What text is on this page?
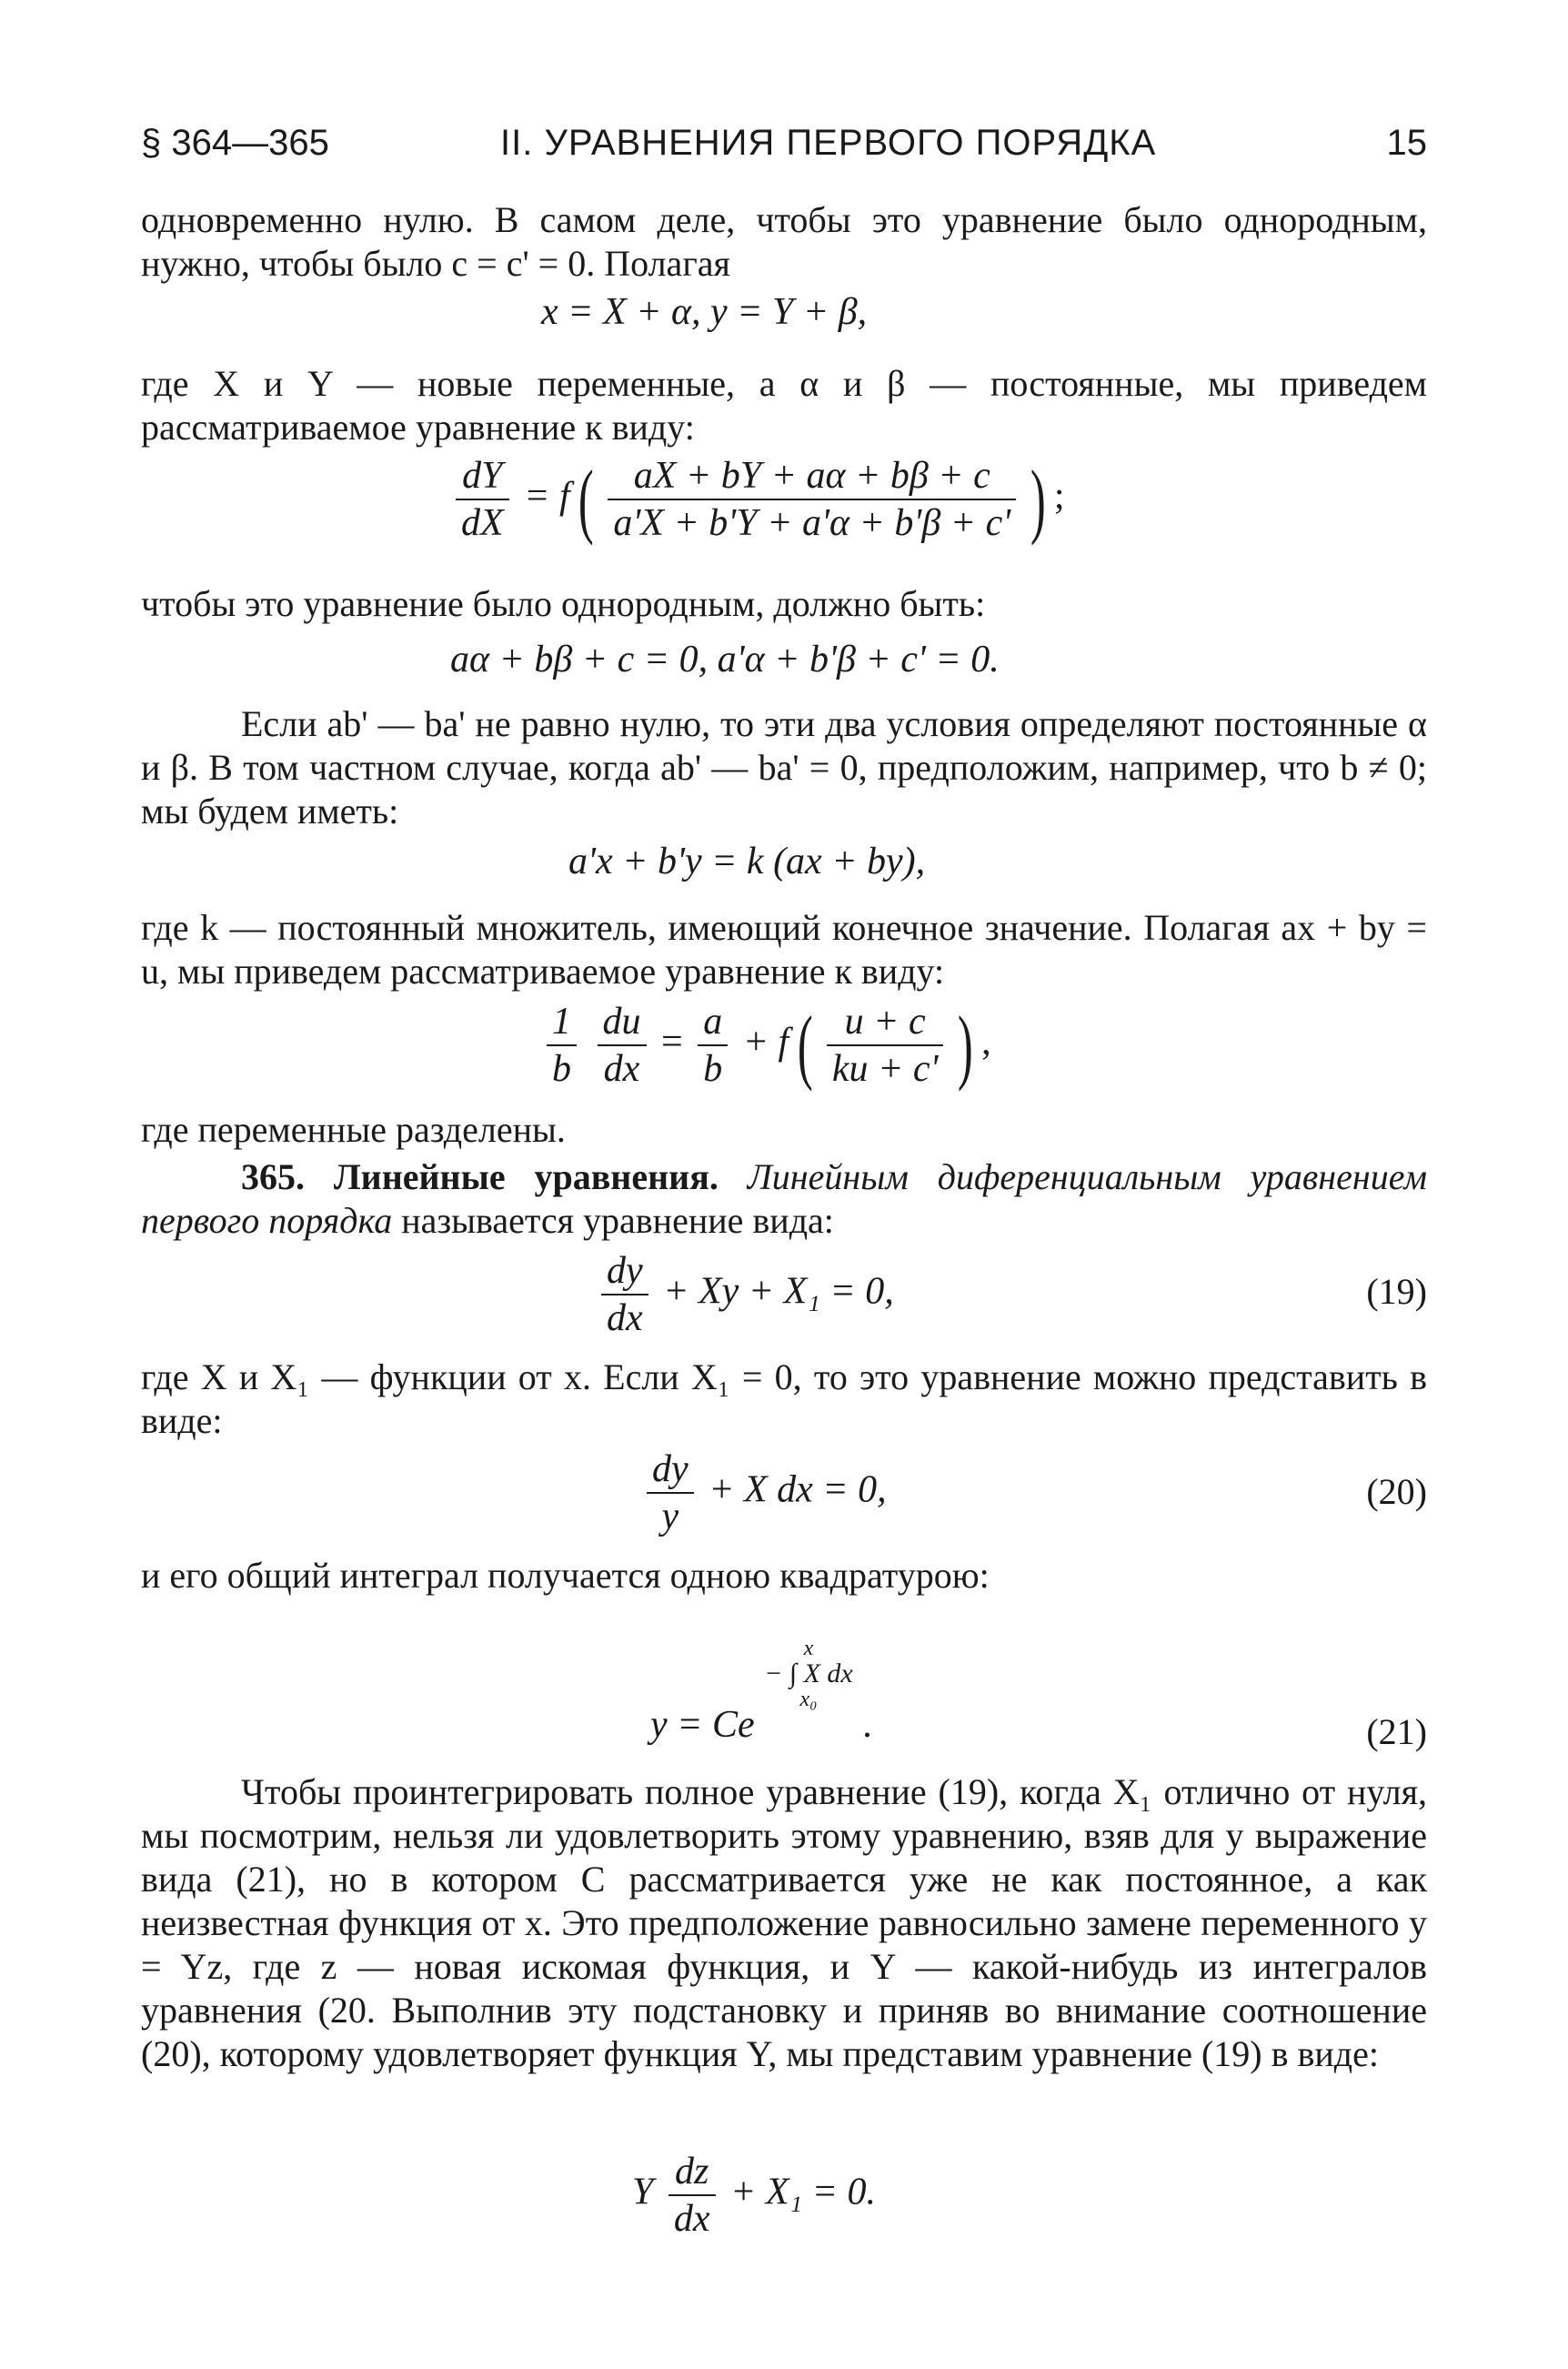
§ 364—365	II. УРАВНЕНИЯ ПЕРВОГО ПОРЯДКА	15
одновременно нулю. В самом деле, чтобы это уравнение было однородным, нужно, чтобы было c = c' = 0. Полагая
x = X + α, y = Y + β,
где X и Y — новые переменные, а α и β — постоянные, мы приведем рассматриваемое уравнение к виду:
$\frac{dY}{dX} = f$ ( $\frac{aX + bY + a\alpha + b\beta + c}{a'X + b'Y + a'\alpha + b'\beta + c'}$ ) ;
чтобы это уравнение было однородным, должно быть:
aα + bβ + c = 0, a'α + b'β + c' = 0.
Если ab' — ba' не равно нулю, то эти два условия определяют постоянные α и β. В том частном случае, когда ab' — ba' = 0, предположим, например, что b ≠ 0; мы будем иметь:
a'x + b'y = k (ax + by),
где k — постоянный множитель, имеющий конечное значение. Полагая ax + by = u, мы приведем рассматриваемое уравнение к виду:
$\frac{1}{b}$
$\frac{du}{dx} = \frac{a}{b} + f$ ( $\frac{u + c}{ku + c'}$ ) ,
где переменные разделены.
365. Линейные уравнения. Линейным диференциальным уравнением первого порядка называется уравнение вида:
$\frac{dy}{dx} + Xy + X_1 = 0$,	(19)
где X и X₁ — функции от x. Если X₁ = 0, то это уравнение можно представить в виде:
$\frac{dy}{y} + X$ dx = 0,	(20)
и его общий интеграл получается одною квадратурою:
y = Ce
x
− ∫ X dx
x₀
.	(21)
Чтобы проинтегрировать полное уравнение (19), когда X₁ отлично от нуля, мы посмотрим, нельзя ли удовлетворить этому уравнению, взяв для y выражение вида (21), но в котором C рассматривается уже не как постоянное, а как неизвестная функция от x. Это предположение равносильно замене переменного y = Yz, где z — новая искомая функция, и Y — какой-нибудь из интегралов уравнения (20. Выполнив эту подстановку и приняв во внимание соотношение (20), которому удовлетворяет функция Y, мы представим уравнение (19) в виде:
Y $\frac{dz}{dx} + X_1 = 0$.
